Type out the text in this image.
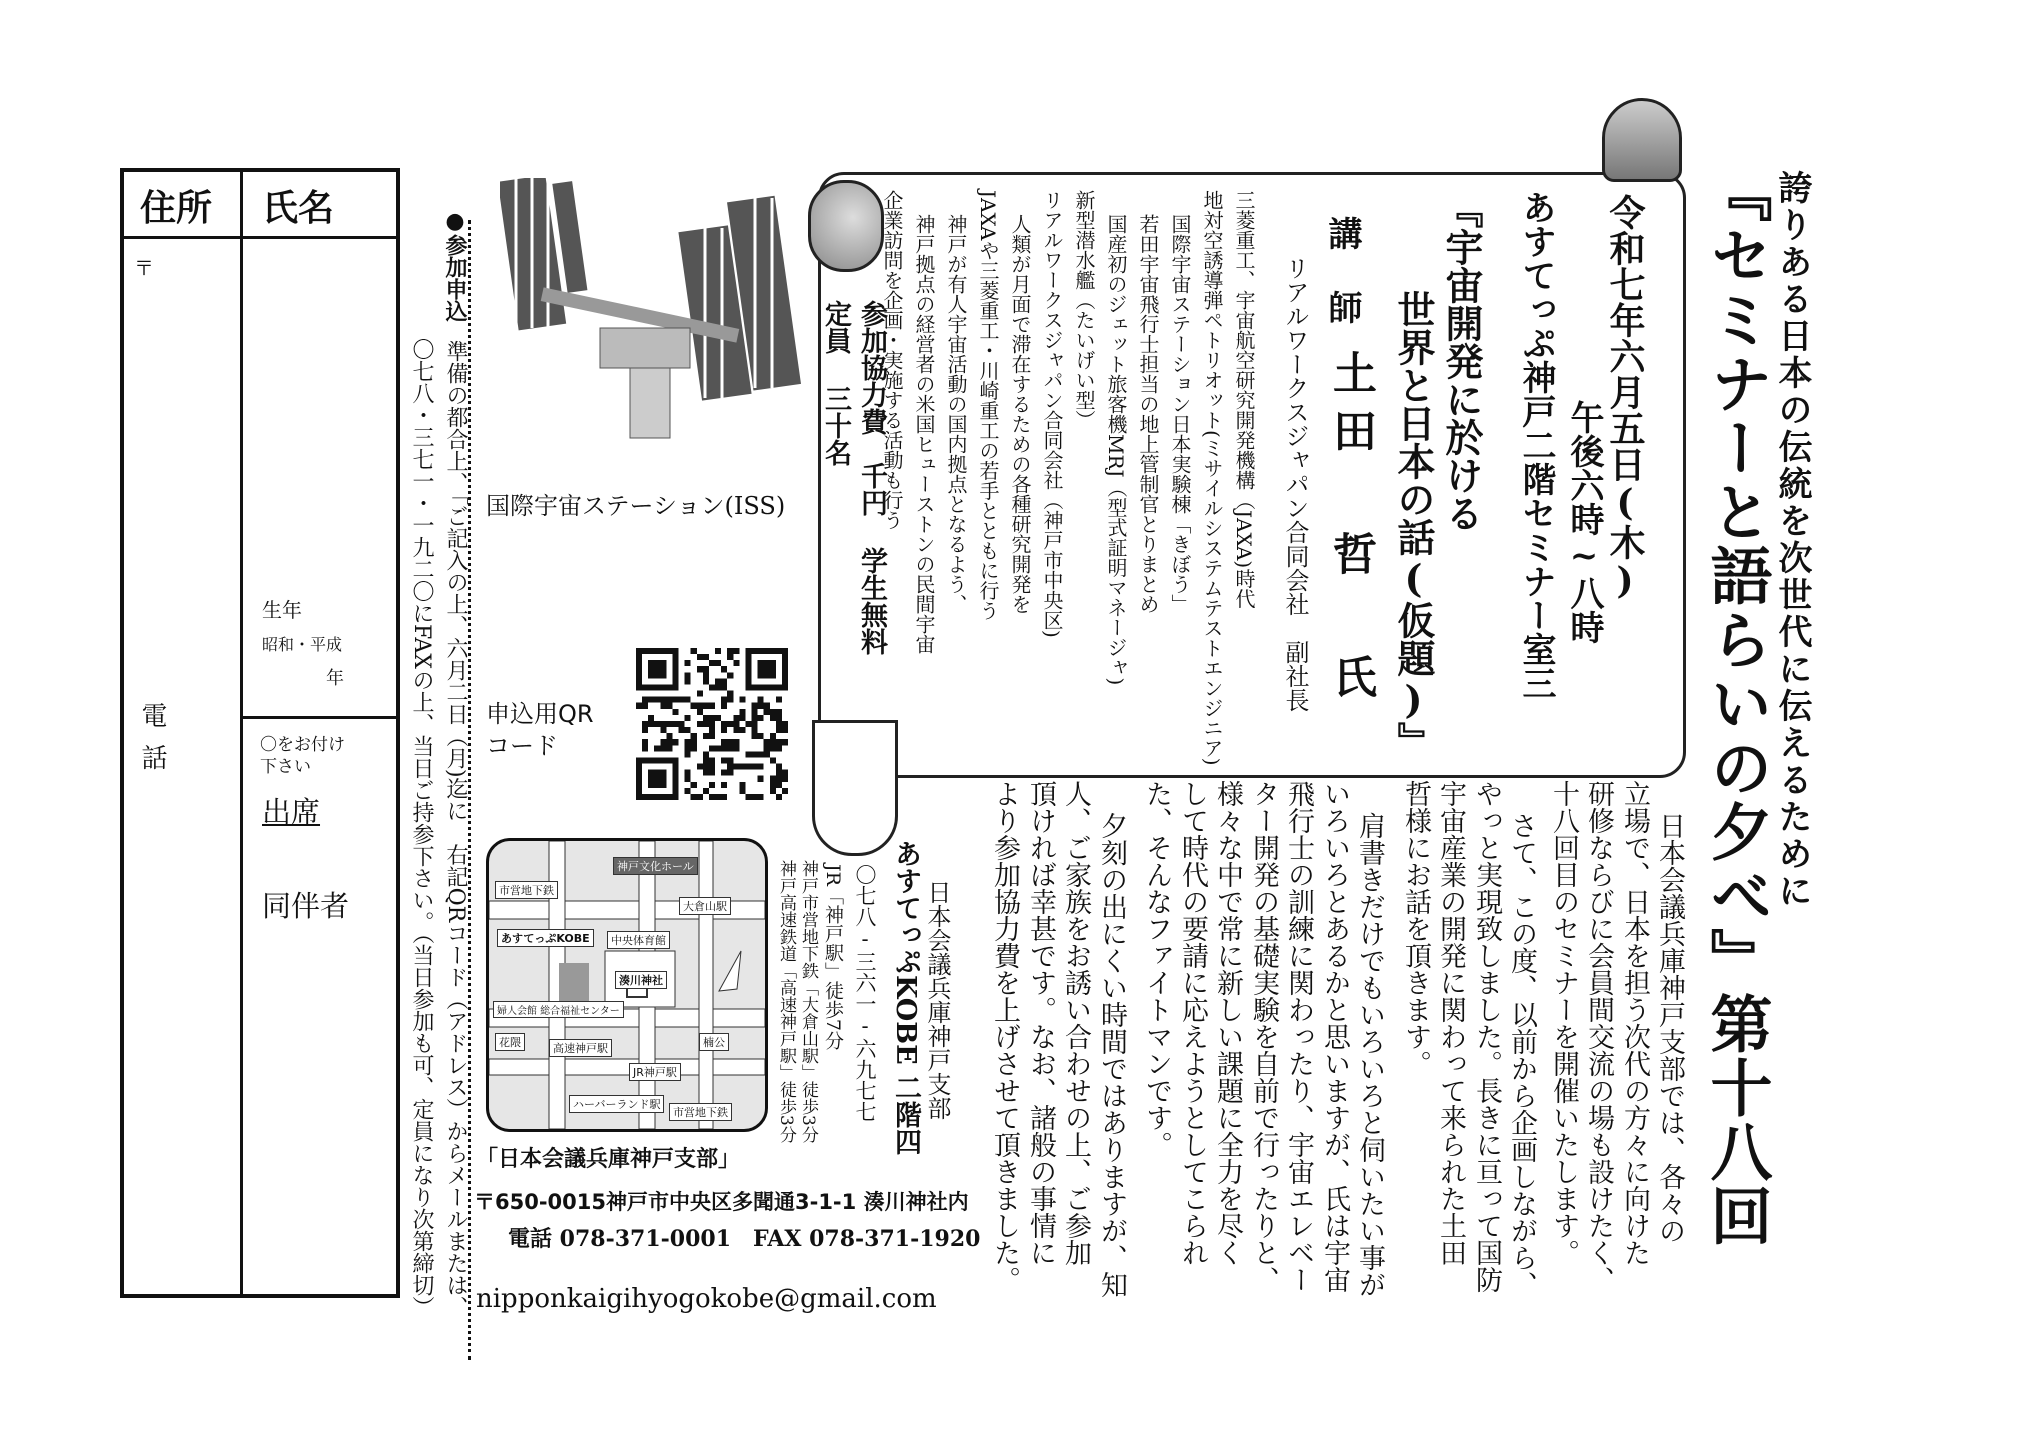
誇りある日本の伝統を次世代に伝えるために
『セミナーと語らいの夕べ』第十八回
令和七年六月五日(木)
午後六時~八時
あすてっぷ神戸二階セミナー室三
『宇宙開発に於ける
世界と日本の話(仮題)』
講 師
土田 哲 氏
リアルワークスジャパン合同会社　副社長
三菱重工、宇宙航空研究開発機構（JAXA)時代
地対空誘導弾ペトリオット(ミサイルシステムテストエンジニア)
国際宇宙ステーション日本実験棟「きぼう」
若田宇宙飛行士担当の地上管制官とりまとめ
国産初のジェット旅客機MRJ（型式証明マネージャ)
新型潜水艦（たいげい型）
リアルワークスジャパン合同会社（神戸市中央区)
人類が月面で滞在するための各種研究開発を
JAXAや三菱重工・川崎重工の若手とともに行う
神戸が有人宇宙活動の国内拠点となるよう、
神戸拠点の経営者の米国ヒューストンの民間宇宙
企業訪問を企画・実施する活動も行う
参加協力費　千円 学生無料
定員 三十名
日本会議兵庫神戸支部では、各々の
立場で、日本を担う次代の方々に向けた
研修ならびに会員間交流の場も設けたく、
十八回目のセミナーを開催いたします。
さて、この度、以前から企画しながら、
やっと実現致しました。長きに亘って国防
宇宙産業の開発に関わって来られた土田
哲様にお話を頂きます。
肩書きだけでもいろいろと伺いたい事が
いろいろとあるかと思いますが、氏は宇宙
飛行士の訓練に関わったり、宇宙エレベー
ター開発の基礎実験を自前で行ったりと、
様々な中で常に新しい課題に全力を尽く
して時代の要請に応えようとしてこられ
た、そんなファイトマンです。
夕刻の出にくい時間ではありますが、知
人、ご家族をお誘い合わせの上、ご参加
頂ければ幸甚です。なお、諸般の事情に
より参加協力費を上げさせて頂きました。
日本会議兵庫神戸支部
あすてっぷKOBE 二階四
〇七八-三六一-六九七七
JR「神戸駅」徒歩7分
神戸市営地下鉄「大倉山駅」徒歩3分
神戸高速鉄道「高速神戸駅」徒歩3分
国際宇宙ステーション(ISS)
申込用QR
コード
神戸文化ホール
市営地下鉄
大倉山駅
あすてっぷKOBE	中央体育館
湊川神社
婦人会館 総合福祉センター
高速神戸駅
JR神戸駅
ハーバーランド駅
市営地下鉄
楠公
花隈
「日本会議兵庫神戸支部」
〒650-0015神戸市中央区多聞通3-1-1 湊川神社内
電話 078-371-0001　FAX 078-371-1920
nipponkaigihyogokobe@gmail.com
●参加申込
準備の都合上、「ご記入の上、六月二日（月)迄に　右記QRコード（アドレス）からメールまたは、
〇七八・三七一・一九二〇にFAXの上、当日ご持参下さい。（当日参加も可、定員になり次第締切）
住所 氏名
〒
電話
生年
昭和・平成
年
〇をお付け
下さい
出席
同伴者
